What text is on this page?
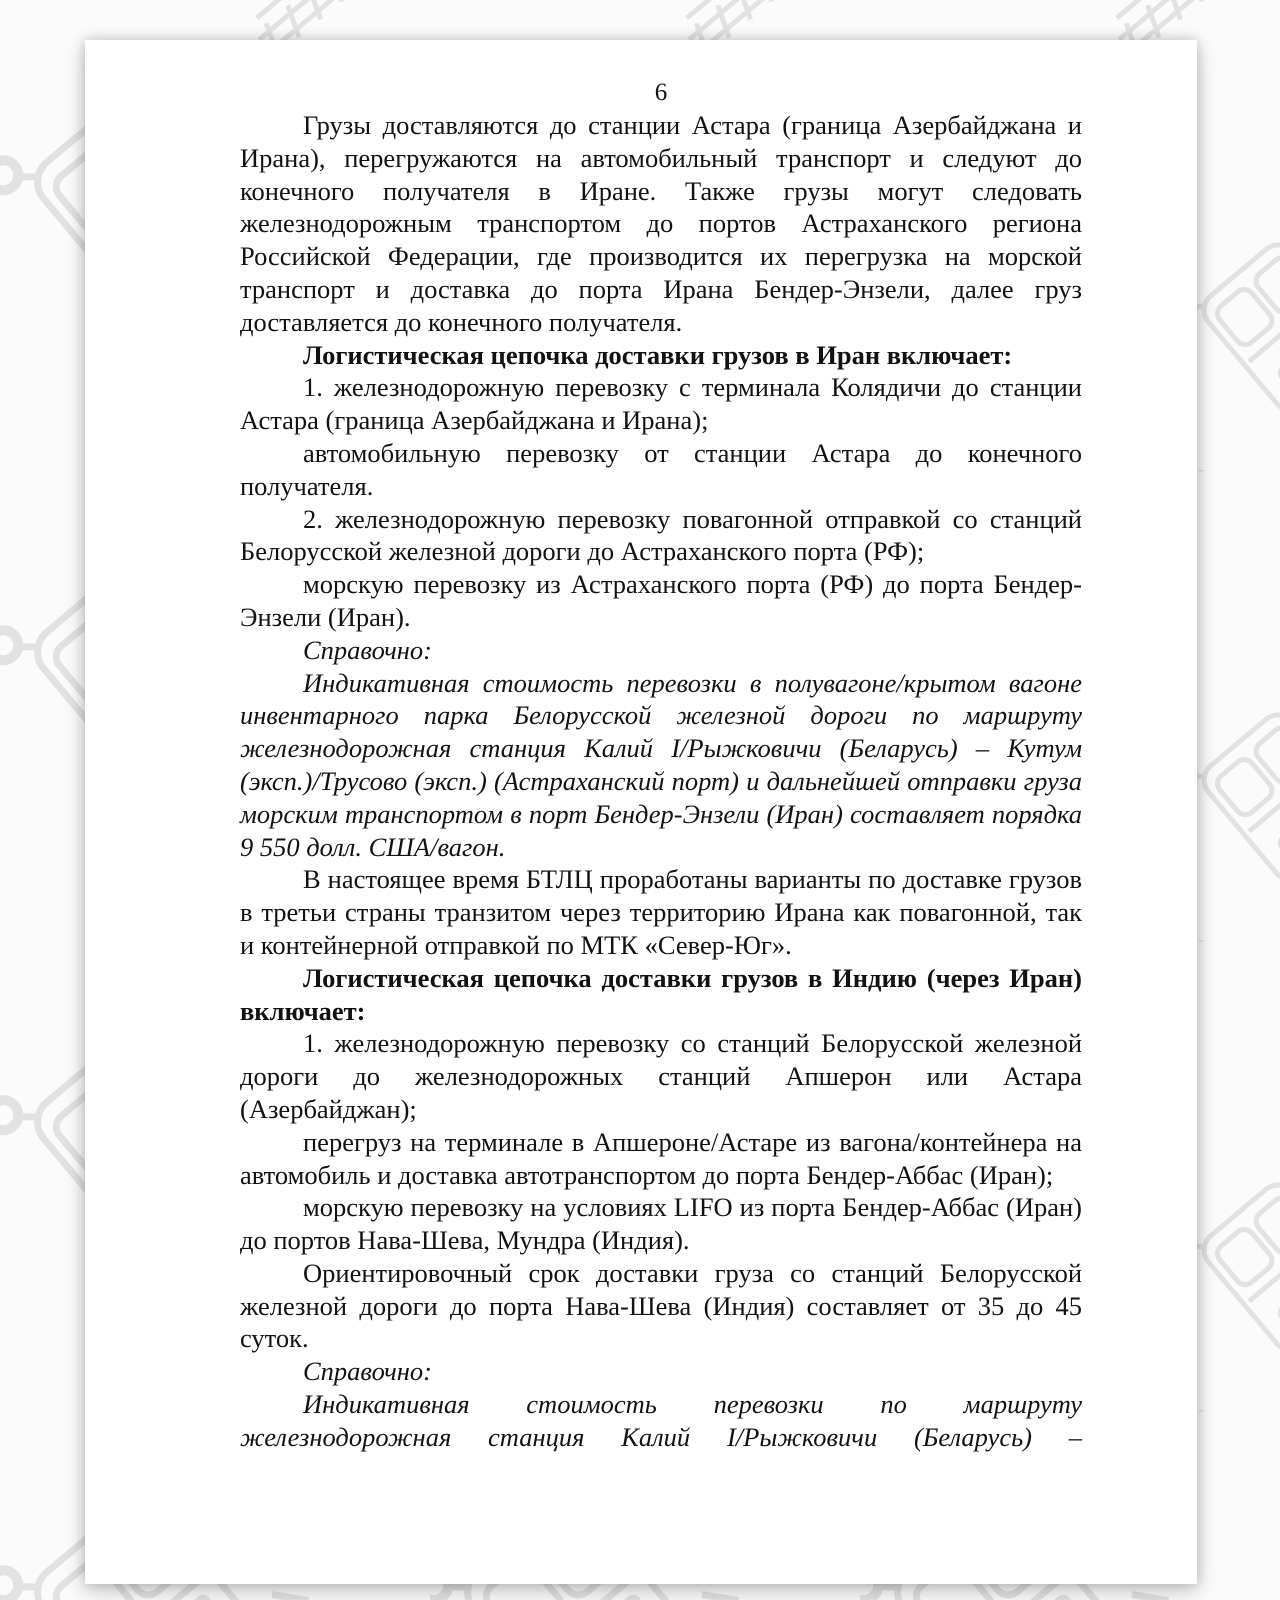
6

Грузы доставляются до станции Астара (граница Азербайджана и Ирана), перегружаются на автомобильный транспорт и следуют до конечного получателя в Иране. Также грузы могут следовать железнодорожным транспортом до портов Астраханского региона Российской Федерации, где производится их перегрузка на морской транспорт и доставка до порта Ирана Бендер-Энзели, далее груз доставляется до конечного получателя.

Логистическая цепочка доставки грузов в Иран включает:

1. железнодорожную перевозку с терминала Колядичи до станции Астара (граница Азербайджана и Ирана);

автомобильную перевозку от станции Астара до конечного получателя.

2. железнодорожную перевозку повагонной отправкой со станций Белорусской железной дороги до Астраханского порта (РФ);

морскую перевозку из Астраханского порта (РФ) до порта Бендер-Энзели (Иран).

Справочно:

Индикативная стоимость перевозки в полувагоне/крытом вагоне инвентарного парка Белорусской железной дороги по маршруту железнодорожная станция Калий I/Рыжковичи (Беларусь) – Кутум (эксп.)/Трусово (эксп.) (Астраханский порт) и дальнейшей отправки груза морским транспортом в порт Бендер-Энзели (Иран) составляет порядка 9 550 долл. США/вагон.

В настоящее время БТЛЦ проработаны варианты по доставке грузов в третьи страны транзитом через территорию Ирана как повагонной, так и контейнерной отправкой по МТК «Север-Юг».

Логистическая цепочка доставки грузов в Индию (через Иран) включает:

1. железнодорожную перевозку со станций Белорусской железной дороги до железнодорожных станций Апшерон или Астара (Азербайджан);

перегруз на терминале в Апшероне/Астаре из вагона/контейнера на автомобиль и доставка автотранспортом до порта Бендер-Аббас (Иран);

морскую перевозку на условиях LIFO из порта Бендер-Аббас (Иран) до портов Нава-Шева, Мундра (Индия).

Ориентировочный срок доставки груза со станций Белорусской железной дороги до порта Нава-Шева (Индия) составляет от 35 до 45 суток.

Справочно:

Индикативная стоимость перевозки по маршруту железнодорожная станция Калий I/Рыжковичи (Беларусь) –
